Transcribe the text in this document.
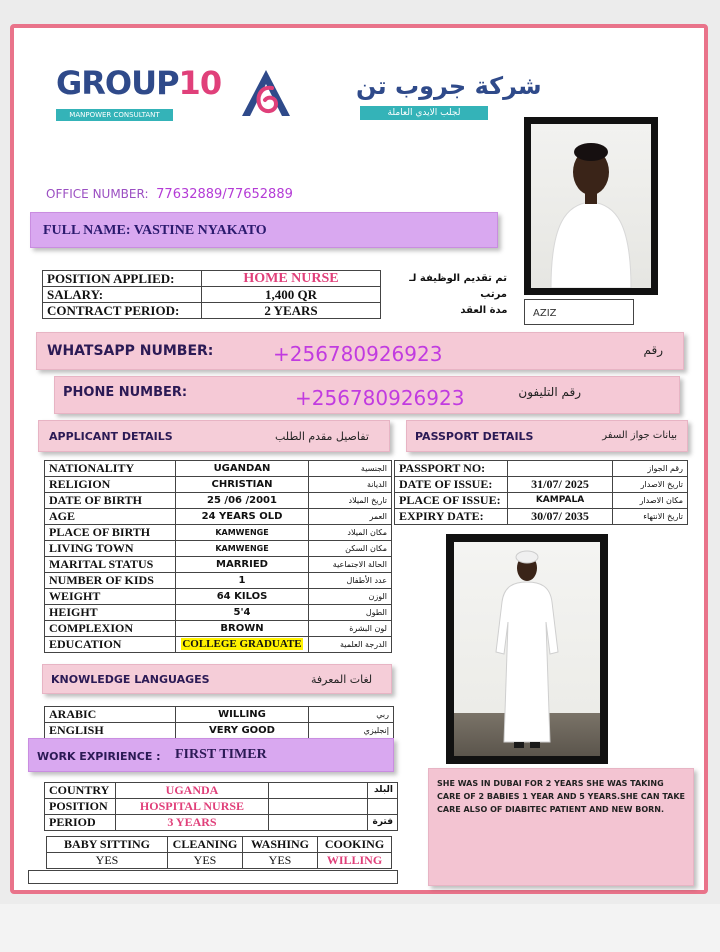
GROUP10
MANPOWER CONSULTANT
شركة جروب تن
لجلب الايدي العاملة
OFFICE NUMBER: 77632889/77652889
AZIZ
FULL NAME: VASTINE NYAKATO
POSITION APPLIED:	HOME NURSE	تم تقديم الوظيفة لـ
SALARY:	1,400 QR	مرتب
CONTRACT PERIOD:	2 YEARS	مدة العقد
WHATSAPP NUMBER:	+256780926923	رقم
PHONE NUMBER:	+256780926923	رقم التليفون
APPLICANT DETAILS	تفاصيل مقدم الطلب	PASSPORT DETAILS	بيانات جواز السفر
NATIONALITY	UGANDAN	الجنسية
RELIGION	CHRISTIAN	الديانة
DATE OF BIRTH	25 /06 /2001	تاريخ الميلاد
AGE	24 YEARS OLD	العمر
PLACE OF BIRTH	KAMWENGE	مكان الميلاد
LIVING TOWN	KAMWENGE	مكان السكن
MARITAL STATUS	MARRIED	الحالة الاجتماعية
NUMBER OF KIDS	1	عدد الأطفال
WEIGHT	64 KILOS	الوزن
HEIGHT	5'4	الطول
COMPLEXION	BROWN	لون البشرة
EDUCATION	COLLEGE GRADUATE	الدرجة العلمية
PASSPORT NO:		رقم الجواز
DATE OF ISSUE:	31/07/ 2025	تاريخ الاصدار
PLACE OF ISSUE:	KAMPALA	مكان الاصدار
EXPIRY DATE:	30/07/ 2035	تاريخ الانتهاء
KNOWLEDGE LANGUAGES	لغات المعرفة
ARABIC	WILLING	ربي
ENGLISH	VERY GOOD	إنجليزي
WORK EXPIRIENCE : FIRST TIMER
COUNTRY	UGANDA		البلد
POSITION	HOSPITAL NURSE		
PERIOD	3 YEARS		فترة
BABY SITTING	CLEANING	WASHING	COOKING
YES	YES	YES	WILLING
SHE WAS IN DUBAI FOR 2 YEARS SHE WAS TAKING CARE OF 2 BABIES 1 YEAR AND 5 YEARS.SHE CAN TAKE CARE ALSO OF DIABITEC PATIENT AND NEW BORN.
